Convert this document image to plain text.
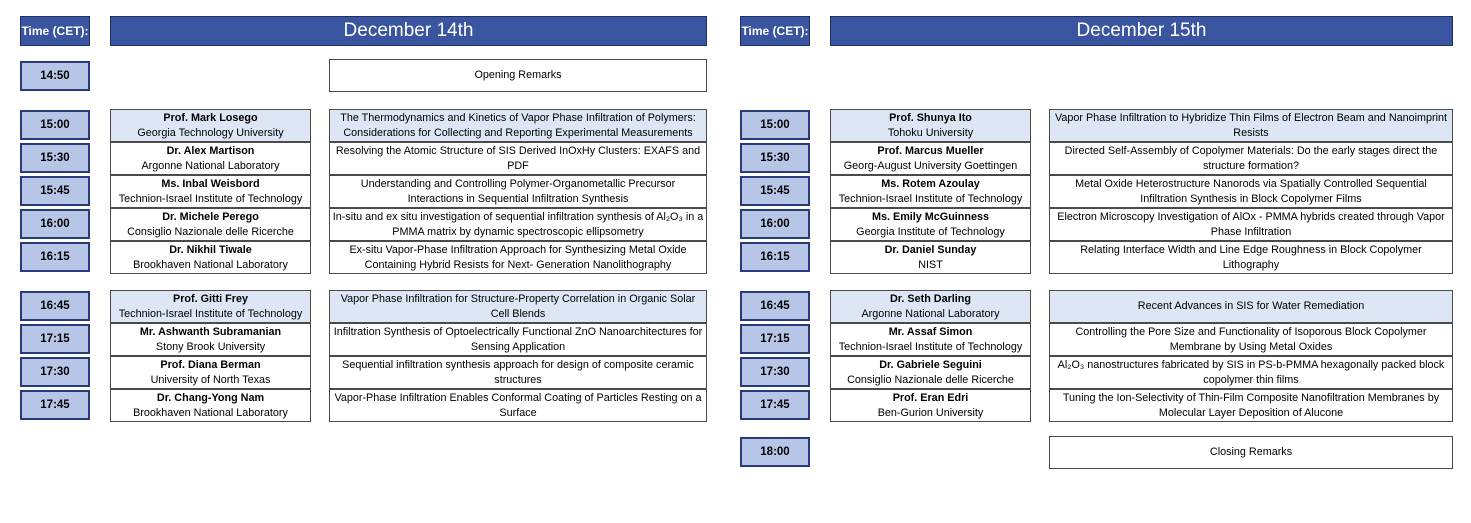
Time (CET):	December 14th	Time (CET):	December 15th
14:50	Opening Remarks
15:00
Prof. Mark Losego
Georgia Technology University
The Thermodynamics and Kinetics of Vapor Phase Infiltration of Polymers: Considerations for Collecting and Reporting Experimental Measurements
15:30
Dr. Alex Martison
Argonne National Laboratory
Resolving the Atomic Structure of SIS Derived InOxHy Clusters: EXAFS and PDF
15:45
Ms. Inbal Weisbord
Technion-Israel Institute of Technology
Understanding and Controlling Polymer-Organometallic Precursor Interactions in Sequential Infiltration Synthesis
16:00
Dr. Michele Perego
Consiglio Nazionale delle Ricerche
In-situ and ex situ investigation of sequential infiltration synthesis of Al₂O₃ in a PMMA matrix by dynamic spectroscopic ellipsometry
16:15
Dr. Nikhil Tiwale
Brookhaven National Laboratory
Ex-situ Vapor-Phase Infiltration Approach for Synthesizing Metal Oxide Containing Hybrid Resists for Next- Generation Nanolithography
16:45
Prof. Gitti Frey
Technion-Israel Institute of Technology
Vapor Phase Infiltration for Structure-Property Correlation in Organic Solar Cell Blends
17:15
Mr. Ashwanth Subramanian
Stony Brook University
Infiltration Synthesis of Optoelectrically Functional ZnO Nanoarchitectures for Sensing Application
17:30
Prof. Diana Berman
University of North Texas
Sequential infiltration synthesis approach for design of composite ceramic structures
17:45
Dr. Chang-Yong Nam
Brookhaven National Laboratory
Vapor-Phase Infiltration Enables Conformal Coating of Particles Resting on a Surface
15:00
Prof. Shunya Ito
Tohoku University
Vapor Phase Infiltration to Hybridize Thin Films of Electron Beam and Nanoimprint Resists
15:30
Prof. Marcus Mueller
Georg-August University Goettingen
Directed Self-Assembly of Copolymer Materials: Do the early stages direct the structure formation?
15:45
Ms. Rotem Azoulay
Technion-Israel Institute of Technology
Metal Oxide Heterostructure Nanorods via Spatially Controlled Sequential Infiltration Synthesis in Block Copolymer Films
16:00
Ms. Emily McGuinness
Georgia Institute of Technology
Electron Microscopy Investigation of AlOx - PMMA hybrids created through Vapor Phase Infiltration
16:15
Dr. Daniel Sunday
NIST
Relating Interface Width and Line Edge Roughness in Block Copolymer Lithography
16:45
Dr. Seth Darling
Argonne National Laboratory
Recent Advances in SIS for Water Remediation
17:15
Mr. Assaf Simon
Technion-Israel Institute of Technology
Controlling the Pore Size and Functionality of Isoporous Block Copolymer Membrane by Using Metal Oxides
17:30
Dr. Gabriele Seguini
Consiglio Nazionale delle Ricerche
Al₂O₃ nanostructures fabricated by SIS in PS-b-PMMA hexagonally packed block copolymer thin films
17:45
Prof. Eran Edri
Ben-Gurion University
Tuning the Ion-Selectivity of Thin-Film Composite Nanofiltration Membranes by Molecular Layer Deposition of Alucone
18:00	Closing Remarks
